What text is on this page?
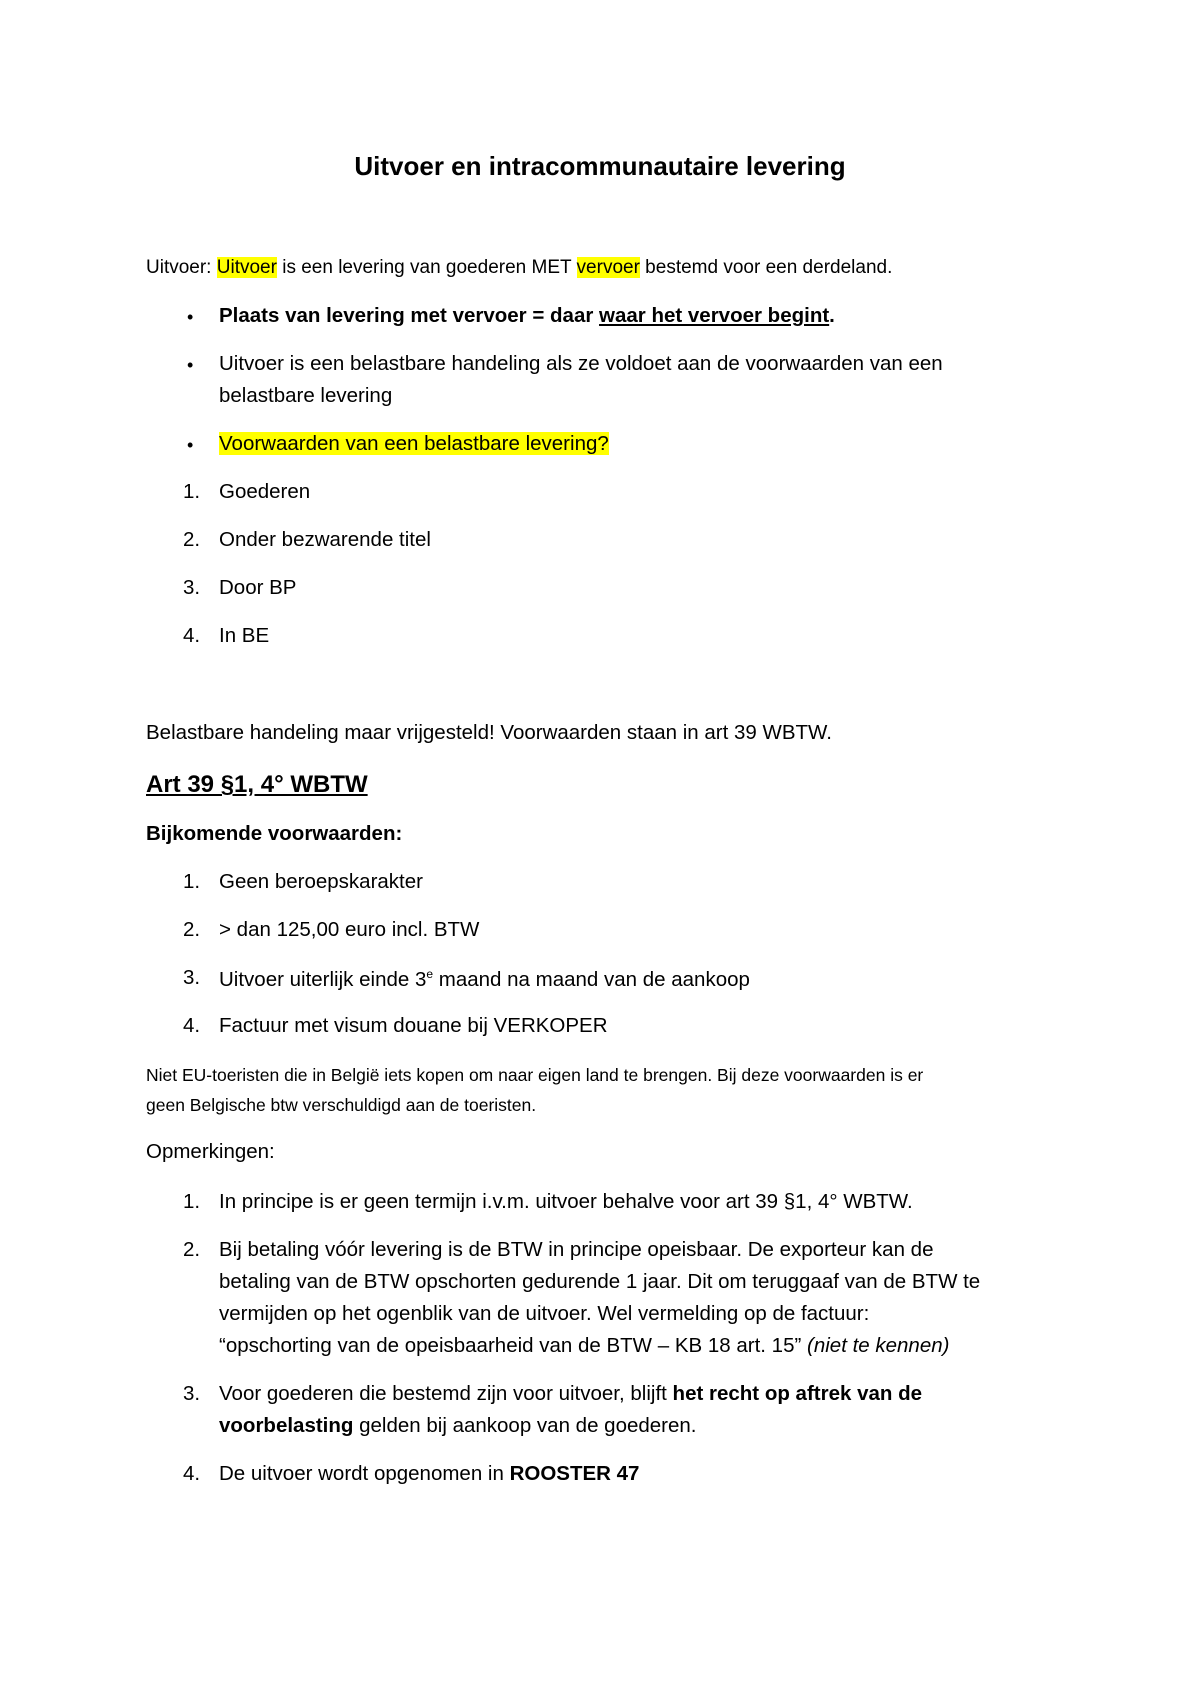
Uitvoer en intracommunautaire levering
Uitvoer: Uitvoer is een levering van goederen MET vervoer bestemd voor een derdeland.
• Plaats van levering met vervoer = daar waar het vervoer begint.
• Uitvoer is een belastbare handeling als ze voldoet aan de voorwaarden van een
belastbare levering
• Voorwaarden van een belastbare levering?
1. Goederen
2. Onder bezwarende titel
3. Door BP
4. In BE
Belastbare handeling maar vrijgesteld! Voorwaarden staan in art 39 WBTW.
Art 39 §1, 4° WBTW
Bijkomende voorwaarden:
1. Geen beroepskarakter
2. > dan 125,00 euro incl. BTW
3. Uitvoer uiterlijk einde 3e maand na maand van de aankoop
4. Factuur met visum douane bij VERKOPER
Niet EU-toeristen die in België iets kopen om naar eigen land te brengen. Bij deze voorwaarden is er
geen Belgische btw verschuldigd aan de toeristen.
Opmerkingen:
1. In principe is er geen termijn i.v.m. uitvoer behalve voor art 39 §1, 4° WBTW.
2. Bij betaling vóór levering is de BTW in principe opeisbaar. De exporteur kan de
betaling van de BTW opschorten gedurende 1 jaar. Dit om teruggaaf van de BTW te
vermijden op het ogenblik van de uitvoer. Wel vermelding op de factuur:
“opschorting van de opeisbaarheid van de BTW – KB 18 art. 15” (niet te kennen)
3. Voor goederen die bestemd zijn voor uitvoer, blijft het recht op aftrek van de
voorbelasting gelden bij aankoop van de goederen.
4. De uitvoer wordt opgenomen in ROOSTER 47
